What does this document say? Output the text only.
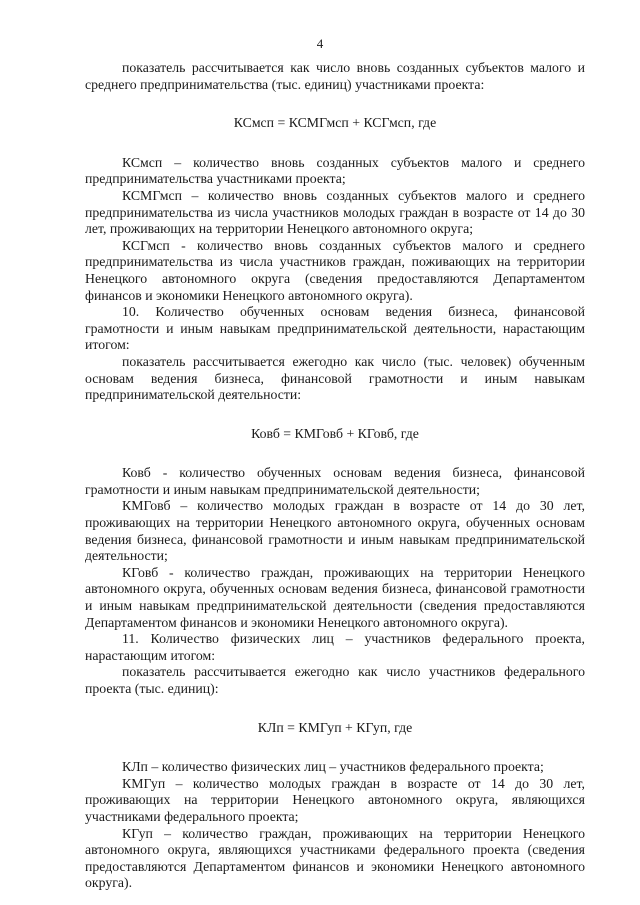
4

показатель рассчитывается как число вновь созданных субъектов малого и среднего предпринимательства (тыс. единиц) участниками проекта:

КСмсп = КСМГмсп + КСГмсп, где

КСмсп – количество вновь созданных субъектов малого и среднего предпринимательства участниками проекта;

КСМГмсп – количество вновь созданных субъектов малого и среднего предпринимательства из числа участников молодых граждан в возрасте от 14 до 30 лет, проживающих на территории Ненецкого автономного округа;

КСГмсп - количество вновь созданных субъектов малого и среднего предпринимательства из числа участников граждан, поживающих на территории Ненецкого автономного округа (сведения предоставляются Департаментом финансов и экономики Ненецкого автономного округа).

10. Количество обученных основам ведения бизнеса, финансовой грамотности и иным навыкам предпринимательской деятельности, нарастающим итогом:

показатель рассчитывается ежегодно как число (тыс. человек) обученным основам ведения бизнеса, финансовой грамотности и иным навыкам предпринимательской деятельности:

Ковб = КМГовб + КГовб, где

Ковб - количество обученных основам ведения бизнеса, финансовой грамотности и иным навыкам предпринимательской деятельности;

КМГовб – количество молодых граждан в возрасте от 14 до 30 лет, проживающих на территории Ненецкого автономного округа, обученных основам ведения бизнеса, финансовой грамотности и иным навыкам предпринимательской деятельности;

КГовб - количество граждан, проживающих на территории Ненецкого автономного округа, обученных основам ведения бизнеса, финансовой грамотности и иным навыкам предпринимательской деятельности (сведения предоставляются Департаментом финансов и экономики Ненецкого автономного округа).

11. Количество физических лиц – участников федерального проекта, нарастающим итогом:

показатель рассчитывается ежегодно как число участников федерального проекта (тыс. единиц):

КЛп = КМГуп + КГуп, где

КЛп – количество физических лиц – участников федерального проекта;

КМГуп – количество молодых граждан в возрасте от 14 до 30 лет, проживающих на территории Ненецкого автономного округа, являющихся участниками федерального проекта;

КГуп – количество граждан, проживающих на территории Ненецкого автономного округа, являющихся участниками федерального проекта (сведения предоставляются Департаментом финансов и экономики Ненецкого автономного округа).
